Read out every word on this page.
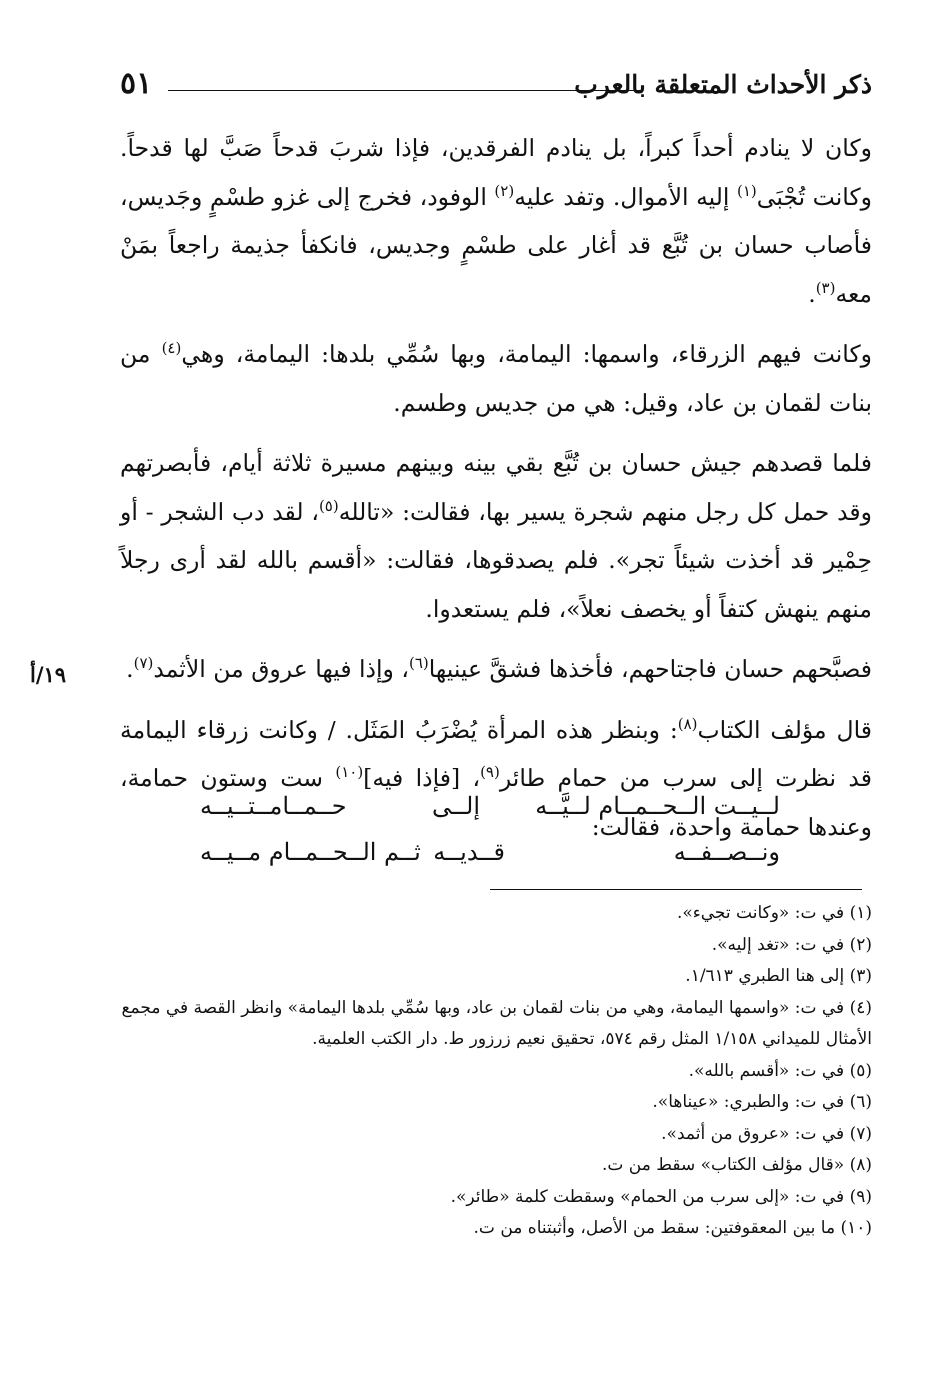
ذكر الأحداث المتعلقة بالعرب
٥١

وكان لا ينادم أحداً كبراً، بل ينادم الفرقدين، فإذا شربَ قدحاً صَبَّ لها قدحاً. وكانت تُجْبَى$^{(١)}$ إليه الأموال. وتفد عليه$^{(٢)}$ الوفود، فخرج إلى غزو طسْمٍ وجَديس، فأصاب حسان بن تُبَّع قد أغار على طسْمٍ وجديس، فانكفأ جذيمة راجعاً بمَنْ معه$^{(٣)}$.

وكانت فيهم الزرقاء، واسمها: اليمامة، وبها سُمِّي بلدها: اليمامة، وهي$^{(٤)}$ من بنات لقمان بن عاد، وقيل: هي من جديس وطسم.

فلما قصدهم جيش حسان بن تُبَّع بقي بينه وبينهم مسيرة ثلاثة أيام، فأبصرتهم وقد حمل كل رجل منهم شجرة يسير بها، فقالت: «تالله$^{(٥)}$، لقد دب الشجر - أو حِمْير قد أخذت شيئاً تجر». فلم يصدقوها، فقالت: «أقسم بالله لقد أرى رجلاً منهم ينهش كتفاً أو يخصف نعلاً»، فلم يستعدوا.

فصبَّحهم حسان فاجتاحهم، فأخذها فشقَّ عينيها$^{(٦)}$، وإذا فيها عروق من الأثمد$^{(٧)}$.

قال مؤلف الكتاب$^{(٨)}$: وبنظر هذه المرأة يُضْرَبُ المَثَل. / وكانت زرقاء اليمامة قد نظرت إلى سرب من حمام طائر$^{(٩)}$، [فإذا فيه]$^{(١٠)}$ ست وستون حمامة، وعندها حمامة واحدة، فقالت:

١٩/أ
لــيــت الــحــمــام لــيَّــه
إلــى
حــمــامــتــيــه
ونــصــفــه
قــديــه
ثــم الــحــمــام مــيــه

(١) في ت: «وكانت تجيء».

(٢) في ت: «تغد إليه».

(٣) إلى هنا الطبري ١/٦١٣.

(٤) في ت: «واسمها اليمامة، وهي من بنات لقمان بن عاد، وبها سُمِّي بلدها اليمامة» وانظر القصة في مجمع الأمثال للميداني ١/١٥٨ المثل رقم ٥٧٤، تحقيق نعيم زرزور ط. دار الكتب العلمية.

(٥) في ت: «أقسم بالله».

(٦) في ت: والطبري: «عيناها».

(٧) في ت: «عروق من أثمد».

(٨) «قال مؤلف الكتاب» سقط من ت.

(٩) في ت: «إلى سرب من الحمام» وسقطت كلمة «طائر».

(١٠) ما بين المعقوفتين: سقط من الأصل، وأثبتناه من ت.
